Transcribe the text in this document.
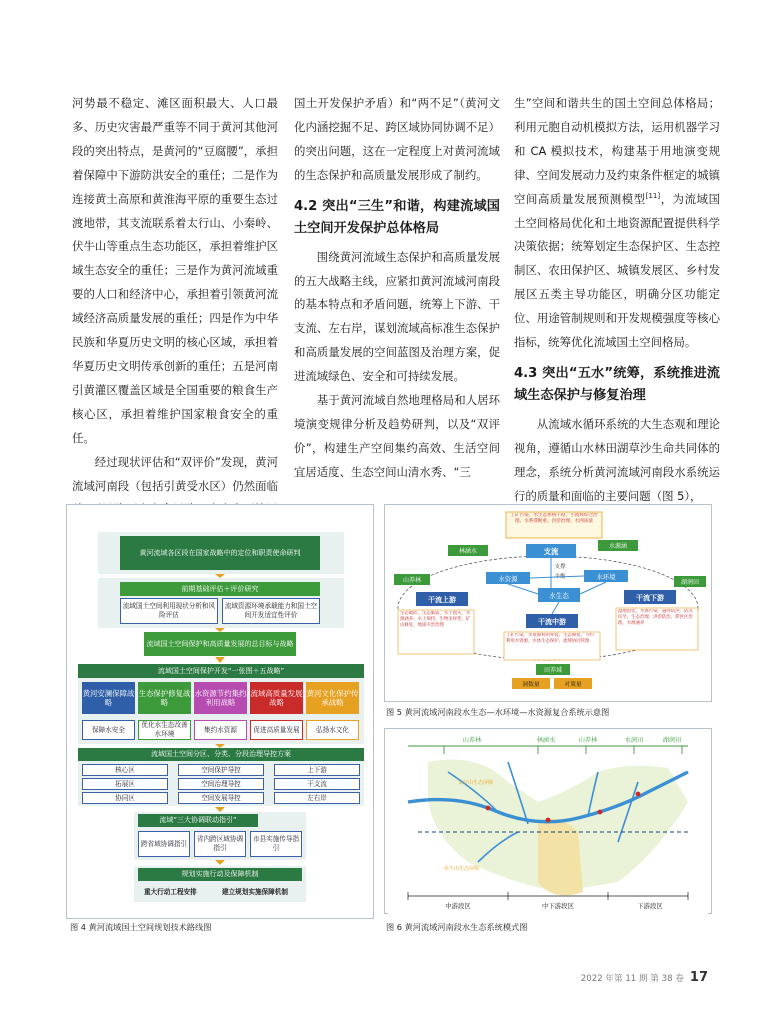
河势最不稳定、滩区面积最大、人口最多、历史灾害最严重等不同于黄河其他河段的突出特点，是黄河的“豆腐腰”，承担着保障中下游防洪安全的重任；二是作为连接黄土高原和黄淮海平原的重要生态过渡地带，其支流联系着太行山、小秦岭、伏牛山等重点生态功能区，承担着维护区域生态安全的重任；三是作为黄河流域重要的人口和经济中心，承担着引领黄河流域经济高质量发展的重任；四是作为中华民族和华夏历史文明的核心区域，承担着华夏历史文明传承创新的重任；五是河南引黄灌区覆盖区域是全国重要的粮食生产核心区，承担着维护国家粮食安全的重任。

经过现状评估和“双评价”发现，黄河流域河南段（包括引黄受水区）仍然面临

国土开发保护矛盾）和“两不足”（黄河文化内涵挖掘不足、跨区域协同协调不足）的突出问题，这在一定程度上对黄河流域的生态保护和高质量发展形成了制约。

4.2 突出“三生”和谐，构建流域国土空间开发保护总体格局

围绕黄河流域生态保护和高质量发展的五大战略主线，应紧扣黄河流域河南段的基本特点和矛盾问题，统筹上下游、干支流、左右岸，谋划流域高标准生态保护和高质量发展的空间蓝图及治理方案，促进流域绿色、安全和可持续发展。

基于黄河流域自然地理格局和人居环境演变规律分析及趋势研判，以及“双评价”，构建生产空间集约高效、生活空间宜居适度、生态空间山清水秀、“三

生”空间和谐共生的国土空间总体格局；利用元胞自动机模拟方法，运用机器学习和 CA 模拟技术，构建基于用地演变规律、空间发展动力及约束条件框定的城镇空间高质量发展预测模型[11]，为流域国土空间格局优化和土地资源配置提供科学决策依据；统筹划定生态保护区、生态控制区、农田保护区、城镇发展区、乡村发展区五类主导功能区，明确分区功能定位、用途管制规则和开发规模强度等核心指标，统筹优化流域国土空间格局。

4.3 突出“五水”统筹，系统推进流域生态保护与修复治理

从流域水循环系统的大生态观和理论视角，遵循山水林田湖草沙生命共同体的理念，系统分析黄河流域河南段水系统运行的质量和面临的主要问题（图 5），

黄河流域各区段在国家战略中的定位和职责使命研判
前期基础评估＋评价研究
流域国土空间利用现状分析和风险评估
流域资源环境承载能力和国土空间开发适宜性评价
流域国土空间保护和高质量发展的总目标与战略
流域国土空间保护开发“一张图＋五战略”
黄河安澜保障战略
生态保护修复战略
水资源节约集约利用战略
流域高质量发展战略
黄河文化保护传承战略
保障水安全
优化水生态改善水环境
集约水资源	促进高质量发展	弘扬水文化
流域国土空间分区、分类、分段治理导控方案
核心区	空间保护导控	上下游
拓展区	空间治理导控	干支流
协同区	空间发展导控	左右岸
流域“三大协调联动指引”
跨省域协调指引
省内跨区域协调指引
市县实施传导指引
规划实施行动及保障机制
重大行动工程安排	建立规划实施保障机制
图 4 黄河流域国土空间规划技术路线图
工矿污染、水生态系统不稳，小流域综合治理、水系滞断重、洪涝治理、水网质量
支流
林涵水
水源涵
山养林	湖润田
水资源	水环境
支撑
平衡
水生态
干流上游	干流下游
干流中游
生态破碎、生态脆弱、水土流失，水源涵养、水土保持、生物多样性、矿山修复、地质灾害治理
工矿污染、水资源利用率低，生态修复、节约利用水资源、水体生态保护、流域协同管理
湿地退化、水体污染、悬河防洪、防汛抗旱、生态治理、洪涝防治、滞洪区治理、水源涵养
田养域
洞数量	对策量
图 5 黄河流域河南段水生态—水环境—水资源复合系统示意图
山养林	林涵水	山养林	水润田	湖润田
太行山生态屏障
伏牛山生态屏障
中游段区	中下游段区	下游段区
图 6 黄河流域河南段水生态系统模式图
2022 年第 11 期 第 38 卷 17
